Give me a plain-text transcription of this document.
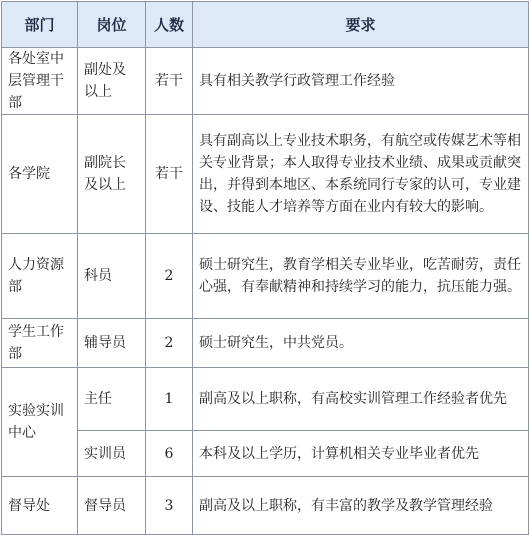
部门	岗位	人数	要求
各处室中层管理干部	副处及以上	若干	具有相关教学行政管理工作经验
各学院	副院长及以上	若干	具有副高以上专业技术职务，有航空或传媒艺术等相关专业背景；本人取得专业技术业绩、成果或贡献突出，并得到本地区、本系统同行专家的认可，专业建设、技能人才培养等方面在业内有较大的影响。
人力资源部	科员	2	硕士研究生，教育学相关专业毕业，吃苦耐劳，责任心强，有奉献精神和持续学习的能力，抗压能力强。
学生工作部	辅导员	2	硕士研究生，中共党员。
实验实训中心	主任	1	副高及以上职称，有高校实训管理工作经验者优先
	实训员	6	本科及以上学历，计算机相关专业毕业者优先
督导处	督导员	3	副高及以上职称，有丰富的教学及教学管理经验
